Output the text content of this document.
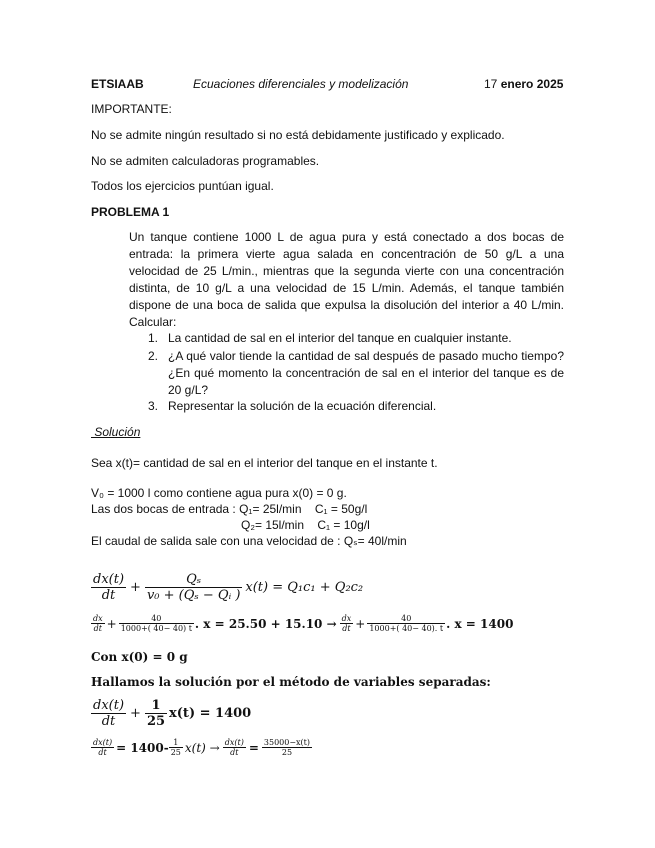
ETSIAAB	Ecuaciones diferenciales y modelización	17 enero 2025
IMPORTANTE:
No se admite ningún resultado si no está debidamente justificado y explicado.
No se admiten calculadoras programables.
Todos los ejercicios puntúan igual.
PROBLEMA 1
Un tanque contiene 1000 L de agua pura y está conectado a dos bocas de entrada: la primera vierte agua salada en concentración de 50 g/L a una velocidad de 25 L/min., mientras que la segunda vierte con una concentración distinta, de 10 g/L a una velocidad de 15 L/min. Además, el tanque también dispone de una boca de salida que expulsa la disolución del interior a 40 L/min. Calcular:
1. La cantidad de sal en el interior del tanque en cualquier instante.
2. ¿A qué valor tiende la cantidad de sal después de pasado mucho tiempo? ¿En qué momento la concentración de sal en el interior del tanque es de 20 g/L?
3. Representar la solución de la ecuación diferencial.
Solución
Sea x(t)= cantidad de sal en el interior del tanque en el instante t.
V₀ = 1000 l como contiene agua pura x(0) = 0 g.
Las dos bocas de entrada : Q₁= 25l/min    C₁ = 50g/l
Q₂= 15l/min    C₁ = 10g/l
El caudal de salida sale con una velocidad de : Qₛ= 40l/min
$\frac{dx(t)}{dt} + \frac{\text{Qₛ}}{\text{v₀ + (Qₛ − Qᵢ )}} x(t) = Q_1c_1 + Q_2c_2$
$\frac{dx}{dt} + \frac{40}{1000+( 40- 40) t}$ . $x = 25.50 + 15.10 \to \frac{dx}{dt} + \frac{40}{1000+( 40- 40). t}$ . x = 1400
Con x(0) = 0 g
Hallamos la solución por el método de variables separadas:
$\frac{dx(t)}{dt} + \frac{1}{25} x(t) = 1400$
$\frac{dx(t)}{dt} = 1400- \frac{1}{25} x(t) \to \frac{dx(t)}{dt} = \frac{35000-x(t)}{25}$
